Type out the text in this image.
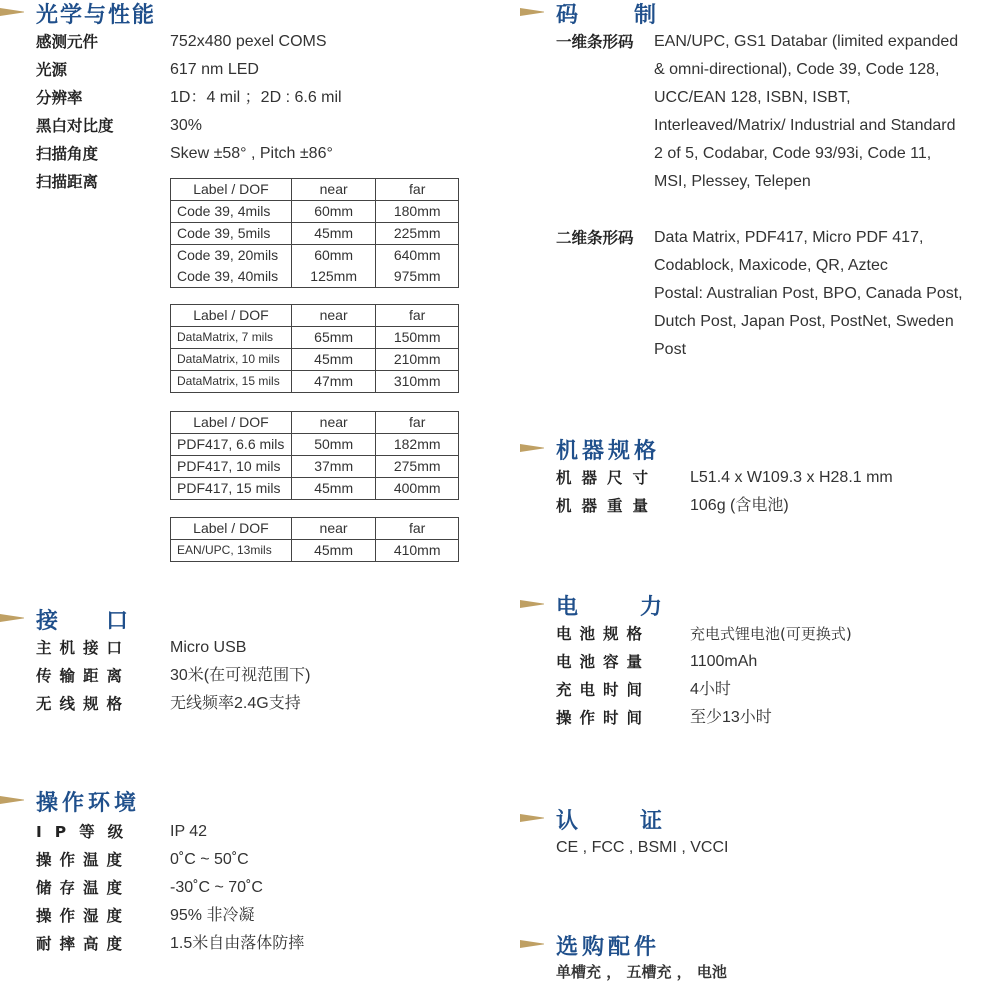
光学与性能
感测元件	752x480 pexel COMS
光源	617 nm LED
分辨率	1D：4 mil ；2D : 6.6 mil
黑白对比度	30%
扫描角度	Skew ±58° , Pitch ±86°
扫描距离	Label / DOF	near	far
Code 39, 4mils	60mm	180mm
Code 39, 5mils	45mm	225mm
Code 39, 20mils	60mm	640mm
Code 39, 40mils	125mm	975mm
Label / DOF	near	far
DataMatrix, 7 mils	65mm	150mm
DataMatrix, 10 mils	45mm	210mm
DataMatrix, 15 mils	47mm	310mm
Label / DOF	near	far
PDF417, 6.6 mils	50mm	182mm
PDF417, 10 mils	37mm	275mm
PDF417, 15 mils	45mm	400mm
Label / DOF	near	far
EAN/UPC, 13mils	45mm	410mm
接口
主机接口 Micro USB
传输距离 30米(在可视范围下)
无线规格 无线频率2.4G支持
操作环境
IP等级 IP 42
操作温度 0˚C ~ 50˚C
储存温度 -30˚C ~ 70˚C
操作湿度 95% 非冷凝
耐摔高度 1.5米自由落体防摔
码制
一维条形码 EAN/UPC, GS1 Databar (limited expanded
& omni-directional), Code 39, Code 128,
UCC/EAN 128, ISBN, ISBT,
Interleaved/Matrix/ Industrial and Standard
2 of 5, Codabar, Code 93/93i, Code 11,
MSI, Plessey, Telepen
二维条形码 Data Matrix, PDF417, Micro PDF 417,
Codablock, Maxicode, QR, Aztec
Postal: Australian Post, BPO, Canada Post,
Dutch Post, Japan Post, PostNet, Sweden
Post
机器规格
机器尺寸 L51.4 x W109.3 x H28.1 mm
机器重量 106g (含电池)
电力
电池规格	充电式锂电池(可更换式)
电池容量 1100mAh
充电时间 4小时
操作时间 至少13小时
认证
CE , FCC , BSMI , VCCI
选购配件
单槽充 ， 五槽充 ， 电池
